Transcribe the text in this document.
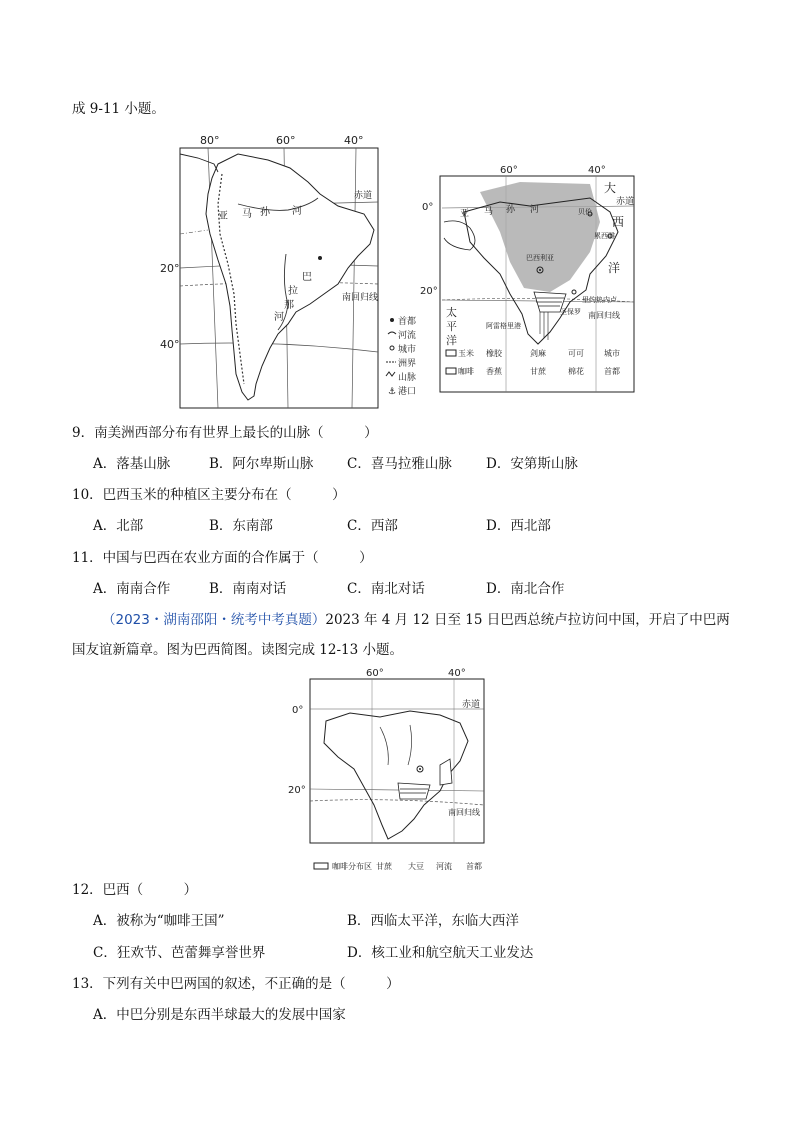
成 9-11 小题。
80°	60°	40°
20°
40°
赤道
南回归线
亚 马 孙 河
巴
拉
那
河	首都
河流
城市
洲界
山脉
⚓ 港口
60°	40°
0°
20°
赤道
南回归线
大
西
洋
太
平
洋
亚 马 孙 河	贝伦
累西腓
巴西利亚
里约热内卢
圣保罗
阿雷格里港
玉米 橡胶	剑麻	可可	城市
咖啡 香蕉	甘蔗	棉花	首都
9．南美洲西部分布有世界上最长的山脉（　　　）
A．落基山脉	B．阿尔卑斯山脉 C．喜马拉雅山脉	D．安第斯山脉
10．巴西玉米的种植区主要分布在（　　　）
A．北部	B．东南部	C．西部	D．西北部
11．中国与巴西在农业方面的合作属于（　　　）
A．南南合作	B．南南对话	C．南北对话	D．南北合作
（2023・湖南邵阳・统考中考真题）2023 年 4 月 12 日至 15 日巴西总统卢拉访问中国，开启了中巴两
国友谊新篇章。图为巴西简图。读图完成 12-13 小题。
60°	40°
0°
20°
赤道
南回归线
咖啡分布区 甘蔗 大豆 河流 首都
12．巴西（　　　）
A．被称为“咖啡王国”	B．西临太平洋，东临大西洋
C．狂欢节、芭蕾舞享誉世界	D．核工业和航空航天工业发达
13．下列有关中巴两国的叙述，不正确的是（　　　）
A．中巴分别是东西半球最大的发展中国家
